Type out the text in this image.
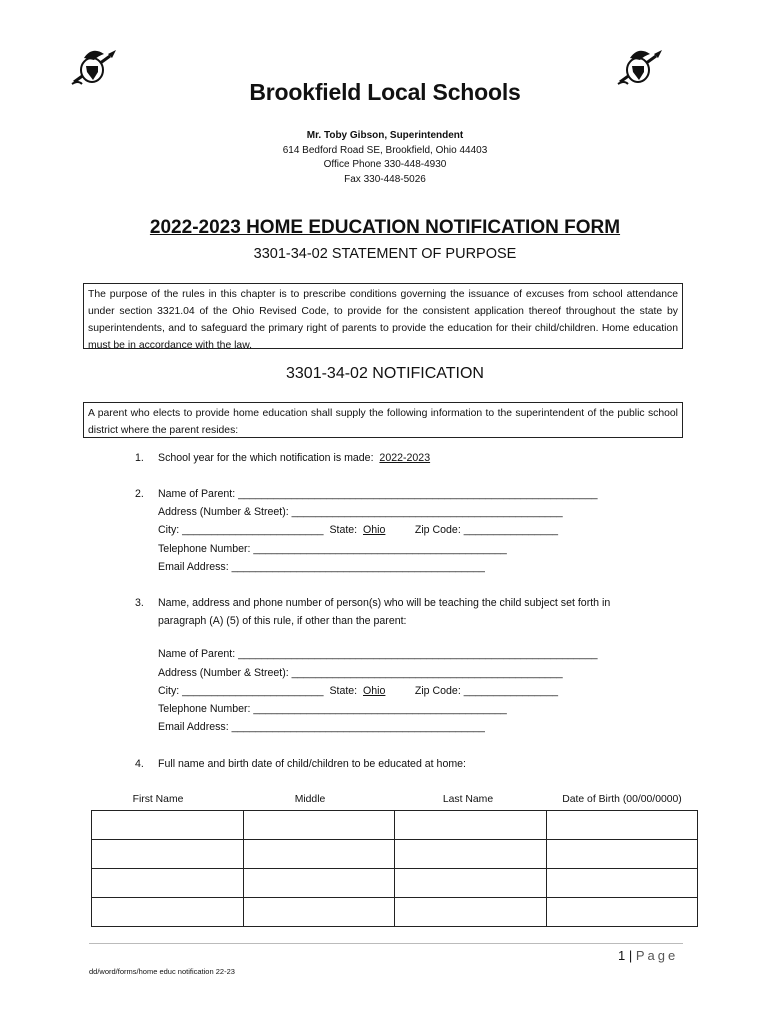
Brookfield Local Schools
Mr. Toby Gibson, Superintendent
614 Bedford Road SE, Brookfield, Ohio 44403
Office Phone 330-448-4930
Fax 330-448-5026
2022-2023 HOME EDUCATION NOTIFICATION FORM
3301-34-02 STATEMENT OF PURPOSE
The purpose of the rules in this chapter is to prescribe conditions governing the issuance of excuses from school attendance under section 3321.04 of the Ohio Revised Code, to provide for the consistent application thereof throughout the state by superintendents, and to safeguard the primary right of parents to provide the education for their child/children. Home education must be in accordance with the law.
3301-34-02 NOTIFICATION
A parent who elects to provide home education shall supply the following information to the superintendent of the public school district where the parent resides:
1. School year for the which notification is made: 2022-2023
2. Name of Parent: _____________________________________________________________
Address (Number & Street): ______________________________________________
City: ________________________ State: Ohio	Zip Code: ________________
Telephone Number: ___________________________________________
Email Address: ___________________________________________
3. Name, address and phone number of person(s) who will be teaching the child subject set forth in
paragraph (A) (5) of this rule, if other than the parent:
Name of Parent: _____________________________________________________________
Address (Number & Street): ______________________________________________
City: ________________________ State: Ohio	Zip Code: ________________
Telephone Number: ___________________________________________
Email Address: ___________________________________________
4. Full name and birth date of child/children to be educated at home:
First Name	Middle	Last Name	Date of Birth (00/00/0000)

1 | Page
dd/word/forms/home educ notification 22-23
